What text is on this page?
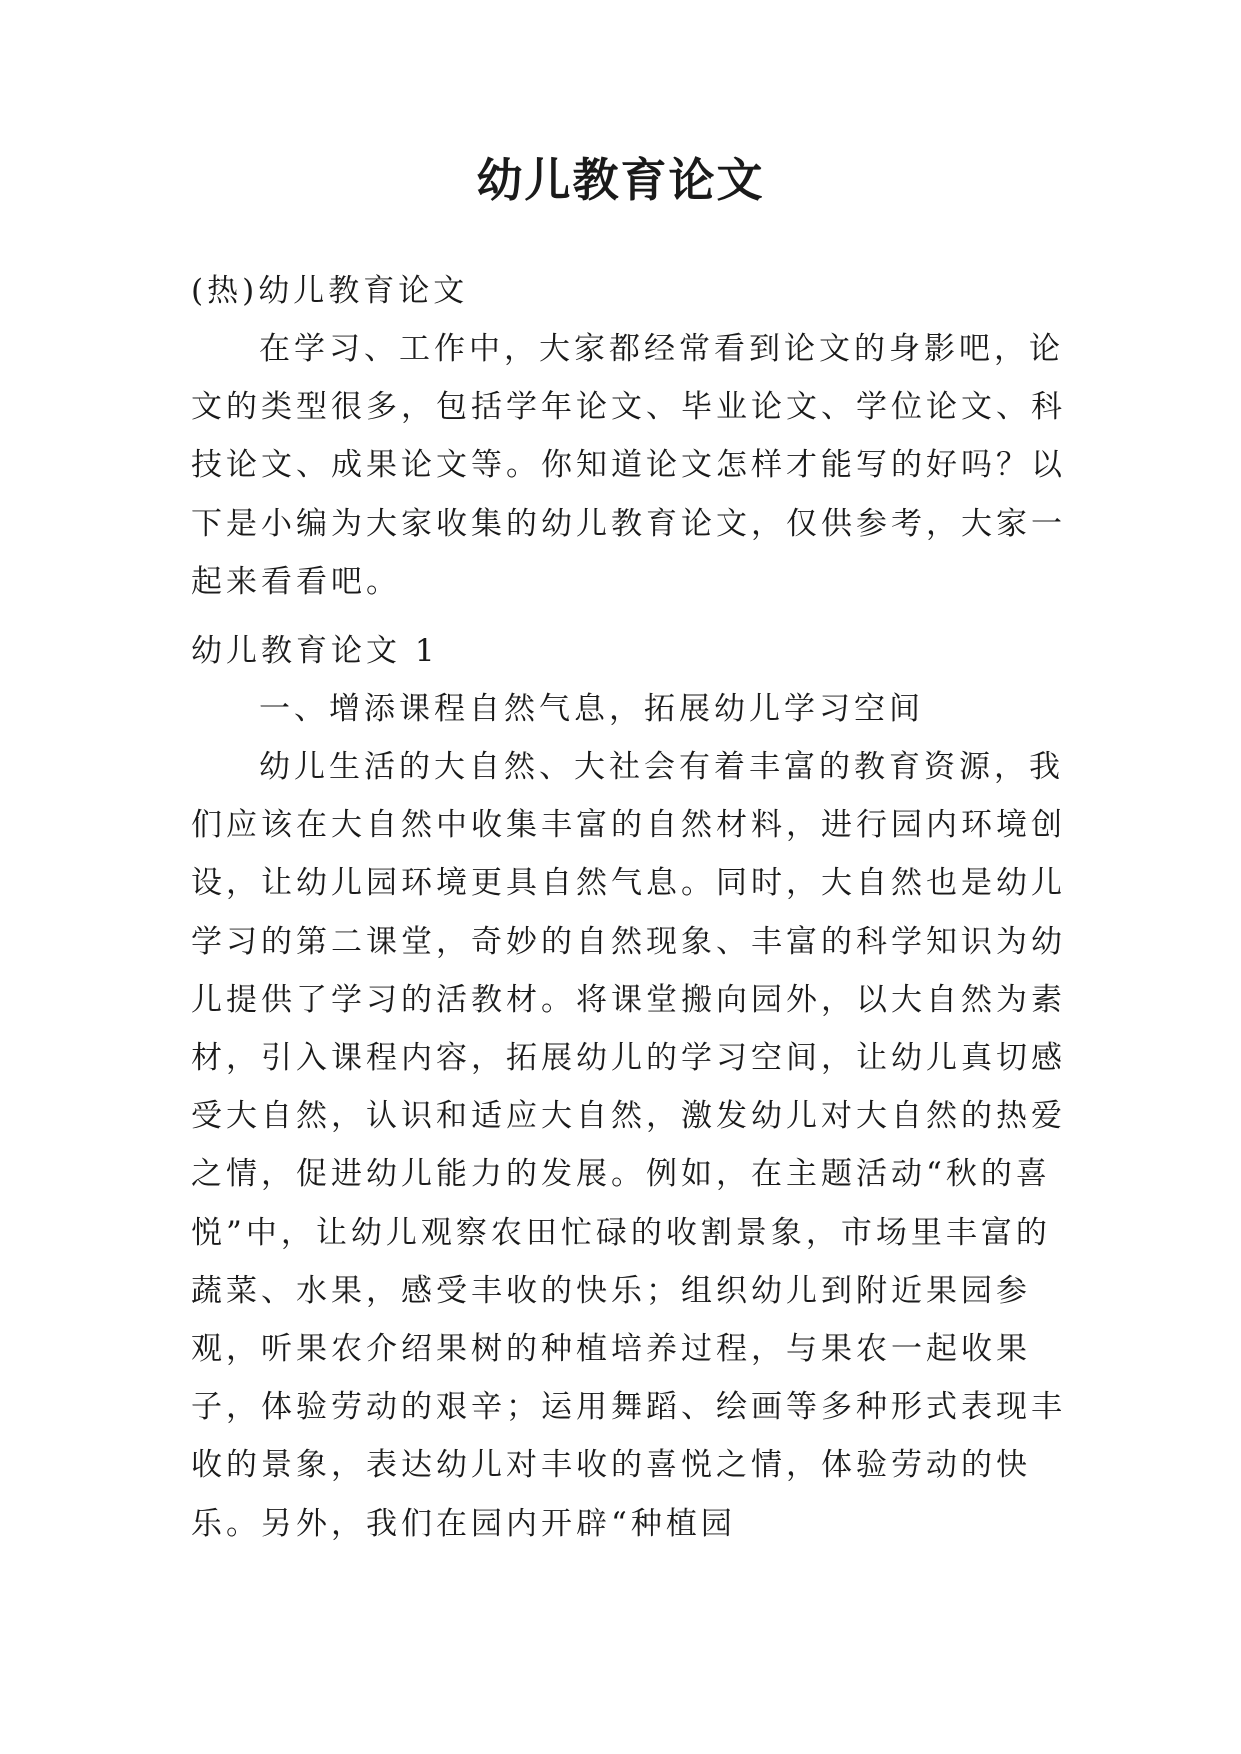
幼儿教育论文

(热)幼儿教育论文

在学习、工作中，大家都经常看到论文的身影吧，论文的类型很多，包括学年论文、毕业论文、学位论文、科技论文、成果论文等。你知道论文怎样才能写的好吗？以下是小编为大家收集的幼儿教育论文，仅供参考，大家一起来看看吧。

幼儿教育论文 1

一、增添课程自然气息，拓展幼儿学习空间

幼儿生活的大自然、大社会有着丰富的教育资源，我们应该在大自然中收集丰富的自然材料，进行园内环境创设，让幼儿园环境更具自然气息。同时，大自然也是幼儿学习的第二课堂，奇妙的自然现象、丰富的科学知识为幼儿提供了学习的活教材。将课堂搬向园外，以大自然为素材，引入课程内容，拓展幼儿的学习空间，让幼儿真切感受大自然，认识和适应大自然，激发幼儿对大自然的热爱之情，促进幼儿能力的发展。例如，在主题活动“秋的喜悦”中，让幼儿观察农田忙碌的收割景象，市场里丰富的蔬菜、水果，感受丰收的快乐；组织幼儿到附近果园参观，听果农介绍果树的种植培养过程，与果农一起收果子，体验劳动的艰辛；运用舞蹈、绘画等多种形式表现丰收的景象，表达幼儿对丰收的喜悦之情，体验劳动的快乐。另外，我们在园内开辟“种植园
